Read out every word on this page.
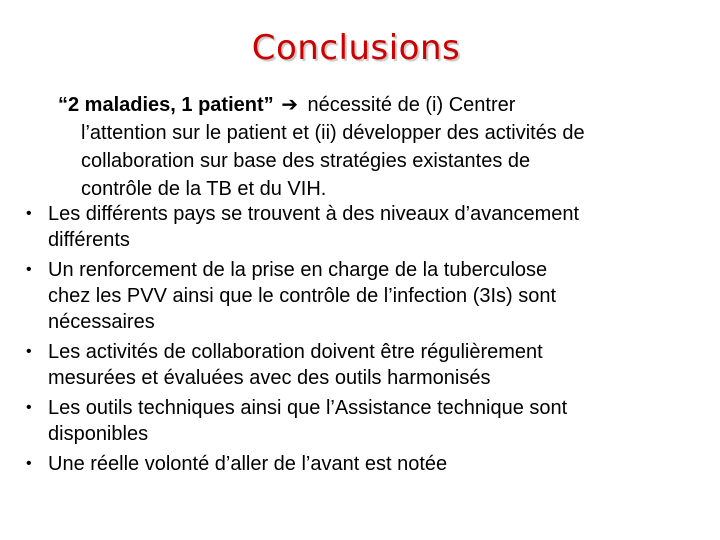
Conclusions
“2 maladies, 1 patient” ➔ nécessité de (i) Centrer
l’attention sur le patient et (ii) développer des activités de
collaboration sur base des stratégies existantes de
contrôle de la TB et du VIH.
• Les différents pays se trouvent à des niveaux d’avancement
différents
• Un renforcement de la prise en charge de la tuberculose
chez les PVV ainsi que le contrôle de l’infection (3Is) sont
nécessaires
• Les activités de collaboration doivent être régulièrement
mesurées et évaluées avec des outils harmonisés
• Les outils techniques ainsi que l’Assistance technique sont
disponibles
• Une réelle volonté d’aller de l’avant est notée
